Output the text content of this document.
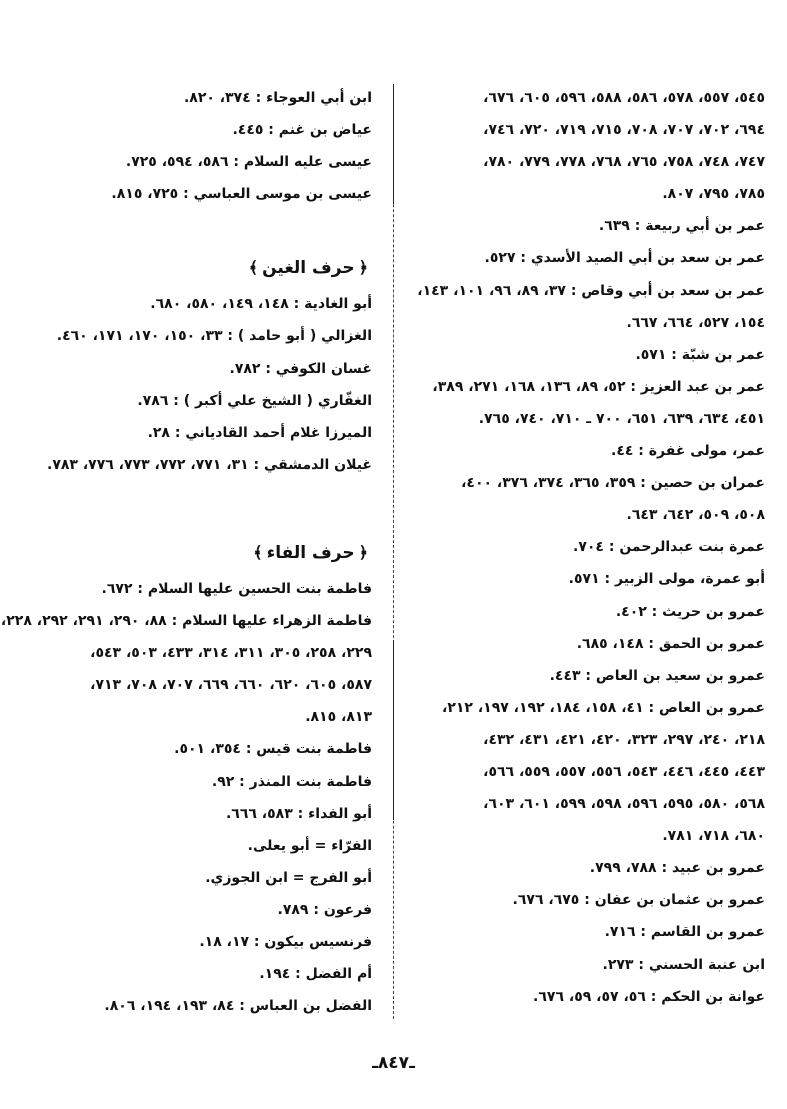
٥٤٥، ٥٥٧، ٥٧٨، ٥٨٦، ٥٨٨، ٥٩٦، ٦٠٥، ٦٧٦،
٦٩٤، ٧٠٢، ٧٠٧، ٧٠٨، ٧١٥، ٧١٩، ٧٢٠، ٧٤٦،
٧٤٧، ٧٤٨، ٧٥٨، ٧٦٥، ٧٦٨، ٧٧٨، ٧٧٩، ٧٨٠،
٧٨٥، ٧٩٥، ٨٠٧.
عمر بن أبي ربيعة : ٦٣٩.
عمر بن سعد بن أبي الصيد الأسدي : ٥٢٧.
عمر بن سعد بن أبي وقاص : ٣٧، ٨٩، ٩٦، ١٠١، ١٤٣،
١٥٤، ٥٢٧، ٦٦٤، ٦٦٧.
عمر بن شبّة : ٥٧١.
عمر بن عبد العزيز : ٥٢، ٨٩، ١٣٦، ١٦٨، ٢٧١، ٣٨٩،
٤٥١، ٦٣٤، ٦٣٩، ٦٥١، ٧٠٠ ـ ٧١٠، ٧٤٠، ٧٦٥.
عمر، مولى غفرة : ٤٤.
عمران بن حصين : ٣٥٩، ٣٦٥، ٣٧٤، ٣٧٦، ٤٠٠،
٥٠٨، ٥٠٩، ٦٤٢، ٦٤٣.
عمرة بنت عبدالرحمن : ٧٠٤.
أبو عمرة، مولى الزبير : ٥٧١.
عمرو بن حريث : ٤٠٢.
عمرو بن الحمق : ١٤٨، ٦٨٥.
عمرو بن سعيد بن العاص : ٤٤٣.
عمرو بن العاص : ٤١، ١٥٨، ١٨٤، ١٩٢، ١٩٧، ٢١٢،
٢١٨، ٢٤٠، ٢٩٧، ٣٢٣، ٤٢٠، ٤٢١، ٤٣١، ٤٣٢،
٤٤٣، ٤٤٥، ٤٤٦، ٥٤٣، ٥٥٦، ٥٥٧، ٥٥٩، ٥٦٦،
٥٦٨، ٥٨٠، ٥٩٥، ٥٩٦، ٥٩٨، ٥٩٩، ٦٠١، ٦٠٣،
٦٨٠، ٧١٨، ٧٨١.
عمرو بن عبيد : ٧٨٨، ٧٩٩.
عمرو بن عثمان بن عفان : ٦٧٥، ٦٧٦.
عمرو بن القاسم : ٧١٦.
ابن عنبة الحسني : ٢٧٣.
عوانة بن الحكم : ٥٦، ٥٧، ٥٩، ٦٧٦.
ابن أبي العوجاء : ٣٧٤، ٨٢٠.
عياض بن غنم : ٤٤٥.
عيسى عليه السلام : ٥٨٦، ٥٩٤، ٧٢٥.
عيسى بن موسى العباسي : ٧٢٥، ٨١٥.
﴿حرف الغين﴾
أبو الغادية : ١٤٨، ١٤٩، ٥٨٠، ٦٨٠.
الغزالي ( أبو حامد ) : ٣٣، ١٥٠، ١٧٠، ١٧١، ٤٦٠.
غسان الكوفي : ٧٨٢.
الغفّاري ( الشيخ علي أكبر ) : ٧٨٦.
الميرزا غلام أحمد القادياني : ٢٨.
غيلان الدمشقي : ٣١، ٧٧١، ٧٧٢، ٧٧٣، ٧٧٦، ٧٨٣.
﴿حرف الفاء﴾
فاطمة بنت الحسين عليها السلام : ٦٧٢.
فاطمة الزهراء عليها السلام : ٨٨، ٢٩٠، ٢٩١، ٢٩٢، ٢٢٨،
٢٢٩، ٢٥٨، ٣٠٥، ٣١١، ٣١٤، ٤٣٣، ٥٠٣، ٥٤٣،
٥٨٧، ٦٠٥، ٦٢٠، ٦٦٠، ٦٦٩، ٧٠٧، ٧٠٨، ٧١٣،
٨١٣، ٨١٥.
فاطمة بنت قيس : ٣٥٤، ٥٠١.
فاطمة بنت المنذر : ٩٢.
أبو الفداء : ٥٨٣، ٦٦٦.
الفرّاء = أبو يعلى.
أبو الفرج = ابن الجوزي.
فرعون : ٧٨٩.
فرنسيس بيكون : ١٧، ١٨.
أم الفضل : ١٩٤.
الفضل بن العباس : ٨٤، ١٩٣، ١٩٤، ٨٠٦.
ـ٨٤٧ـ
